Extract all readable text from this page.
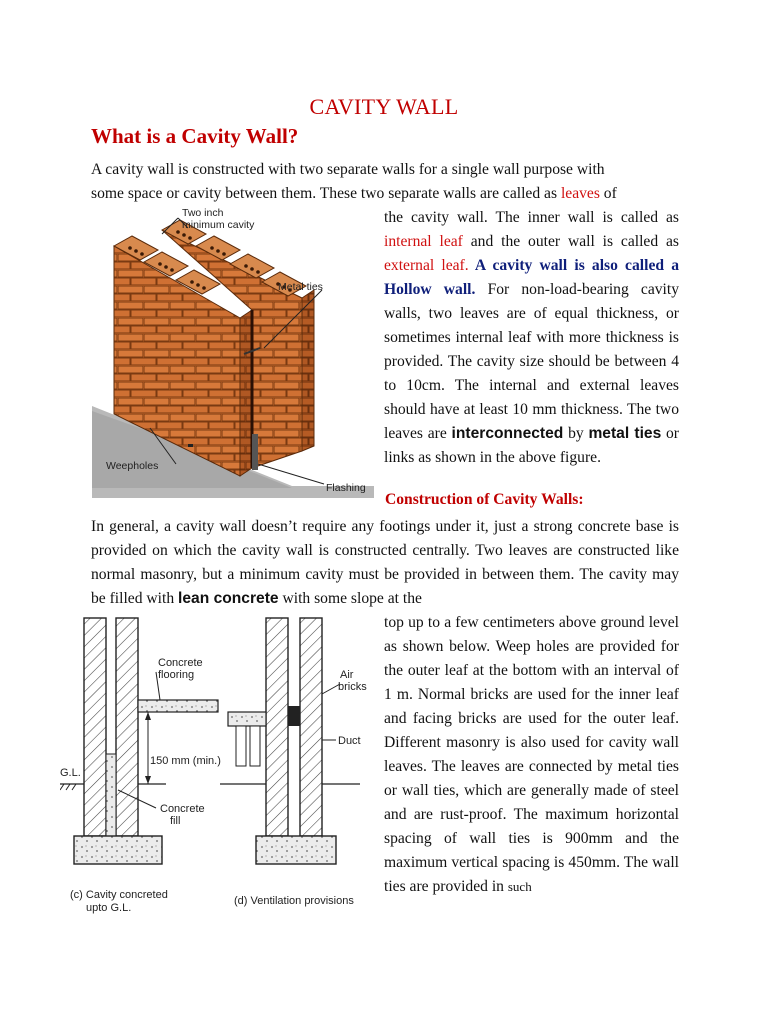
CAVITY WALL
What is a Cavity Wall?
A cavity wall is constructed with two separate walls for a single wall purpose with
some space or cavity between them. These two separate walls are called as leaves of
Two inch minimum cavity
Metal ties
Weepholes
Flashing
the cavity wall. The inner wall is called as internal leaf and the outer wall is called as external leaf. A cavity wall is also called a Hollow wall. For non-load-bearing cavity walls, two leaves are of equal thickness, or sometimes internal leaf with more thickness is provided. The cavity size should be between 4 to 10cm. The internal and external leaves should have at least 10 mm thickness. The two leaves are interconnected by metal ties or links as shown in the above figure.
Construction of Cavity Walls:
In general, a cavity wall doesn’t require any footings under it, just a strong concrete base is provided on which the cavity wall is constructed centrally. Two leaves are constructed like normal masonry, but a minimum cavity must be provided in between them. The cavity may be filled with lean concrete with some slope at the
Concrete flooring
G.L.
150 mm (min.)
Concrete fill
Air bricks
Duct
(c) Cavity concreted upto G.L.
(d) Ventilation provisions
top up to a few centimeters above ground level as shown below. Weep holes are provided for the outer leaf at the bottom with an interval of 1 m. Normal bricks are used for the inner leaf and facing bricks are used for the outer leaf. Different masonry is also used for cavity wall leaves. The leaves are connected by metal ties or wall ties, which are generally made of steel and are rust-proof. The maximum horizontal spacing of wall ties is 900mm and the maximum vertical spacing is 450mm. The wall ties are provided in such
